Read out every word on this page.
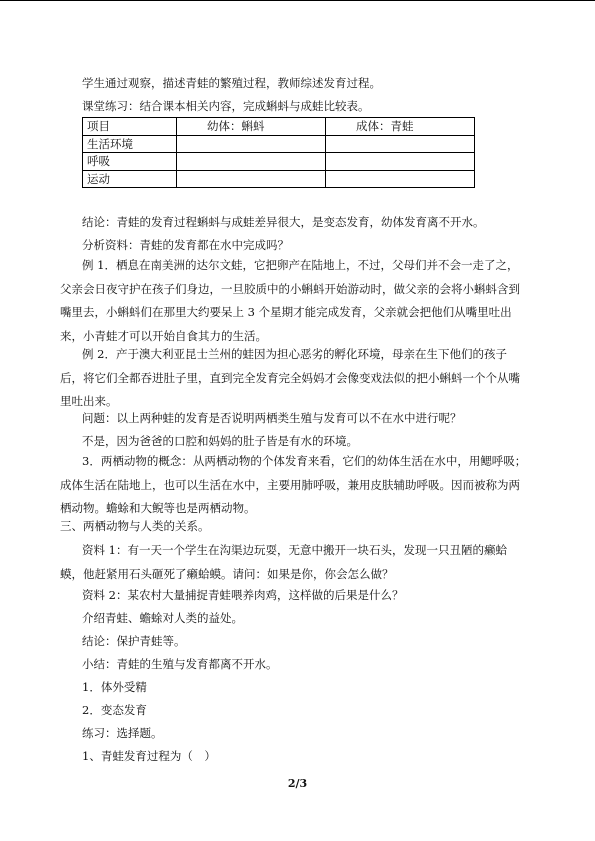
学生通过观察，描述青蛙的繁殖过程，教师综述发育过程。
课堂练习：结合课本相关内容，完成蝌蚪与成蛙比较表。
项目	幼体：蝌蚪	成体：青蛙
生活环境		
呼吸		
运动		
结论：青蛙的发育过程蝌蚪与成蛙差异很大，是变态发育，幼体发育离不开水。
分析资料：青蛙的发育都在水中完成吗？
例 1．栖息在南美洲的达尔文蛙，它把卵产在陆地上，不过，父母们并不会一走了之，
父亲会日夜守护在孩子们身边，一旦胶质中的小蝌蚪开始游动时，做父亲的会将小蝌蚪含到
嘴里去，小蝌蚪们在那里大约要呆上 3 个星期才能完成发育，父亲就会把他们从嘴里吐出
来，小青蛙才可以开始自食其力的生活。
例 2．产于澳大利亚昆士兰州的蛙因为担心恶劣的孵化环境，母亲在生下他们的孩子
后，将它们全都吞进肚子里，直到完全发育完全妈妈才会像变戏法似的把小蝌蚪一个个从嘴
里吐出来。
问题：以上两种蛙的发育是否说明两栖类生殖与发育可以不在水中进行呢？
不是，因为爸爸的口腔和妈妈的肚子皆是有水的环境。
3．两栖动物的概念：从两栖动物的个体发育来看，它们的幼体生活在水中，用鳃呼吸；
成体生活在陆地上，也可以生活在水中，主要用肺呼吸，兼用皮肤辅助呼吸。因而被称为两
栖动物。蟾蜍和大鲵等也是两栖动物。
三、两栖动物与人类的关系。
资料 1：有一天一个学生在沟渠边玩耍，无意中搬开一块石头，发现一只丑陋的癞蛤
蟆，他赶紧用石头砸死了癞蛤蟆。请问：如果是你，你会怎么做？
资料 2：某农村大量捕捉青蛙喂养肉鸡，这样做的后果是什么？
介绍青蛙、蟾蜍对人类的益处。
结论：保护青蛙等。
小结：青蛙的生殖与发育都离不开水。
1．体外受精
2．变态发育
练习：选择题。
1、青蛙发育过程为（　）
2/3
